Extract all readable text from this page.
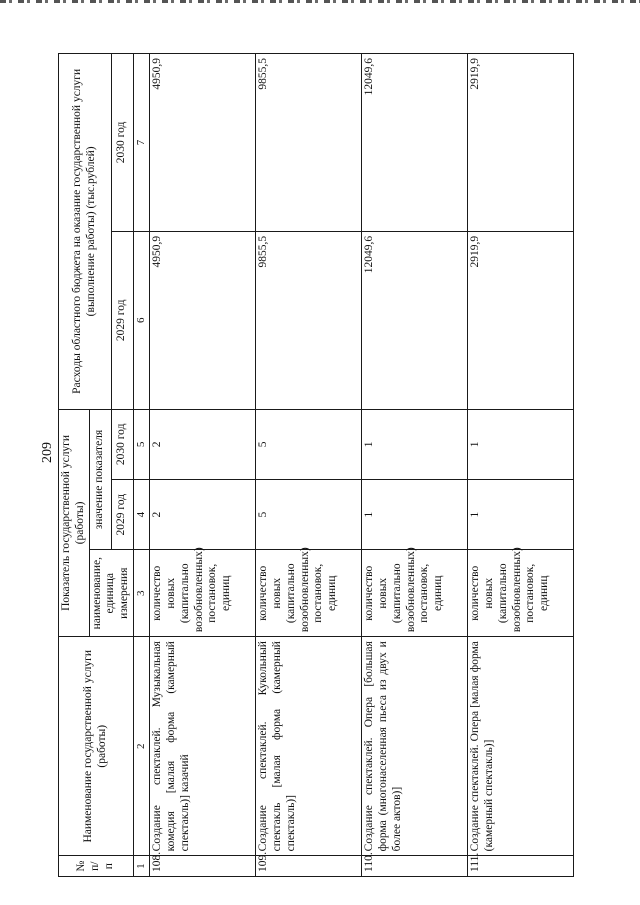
209
№ п/п	Наименование государственной услуги (работы)	Показатель государственной услуги (работы)			Расходы областного бюджета на оказание государственной услуги (выполнение работы) (тыс.рублей)	
		наименование, единица измерения	значение показателя			
			2029 год	2030 год	2029 год	2030 год
1	2	3	4	5	6	7
108.	Создание спектаклей. Музыкальная комедия [малая форма (камерный спектакль)] казачий	количество новых (капитально возобновленных) постановок, единиц	2	2	4950,9	4950,9
109.	Создание спектаклей. Кукольный спектакль [малая форма (камерный спектакль)]	количество новых (капитально возобновленных) постановок, единиц	5	5	9855,5	9855,5
110.	Создание спектаклей. Опера [большая форма (многонаселенная пьеса из двух и более актов)]	количество новых (капитально возобновленных) постановок, единиц	1	1	12049,6	12049,6
111.	Создание спектаклей. Опера [малая форма (камерный спектакль)]	количество новых (капитально возобновленных) постановок, единиц	1	1	2919,9	2919,9
